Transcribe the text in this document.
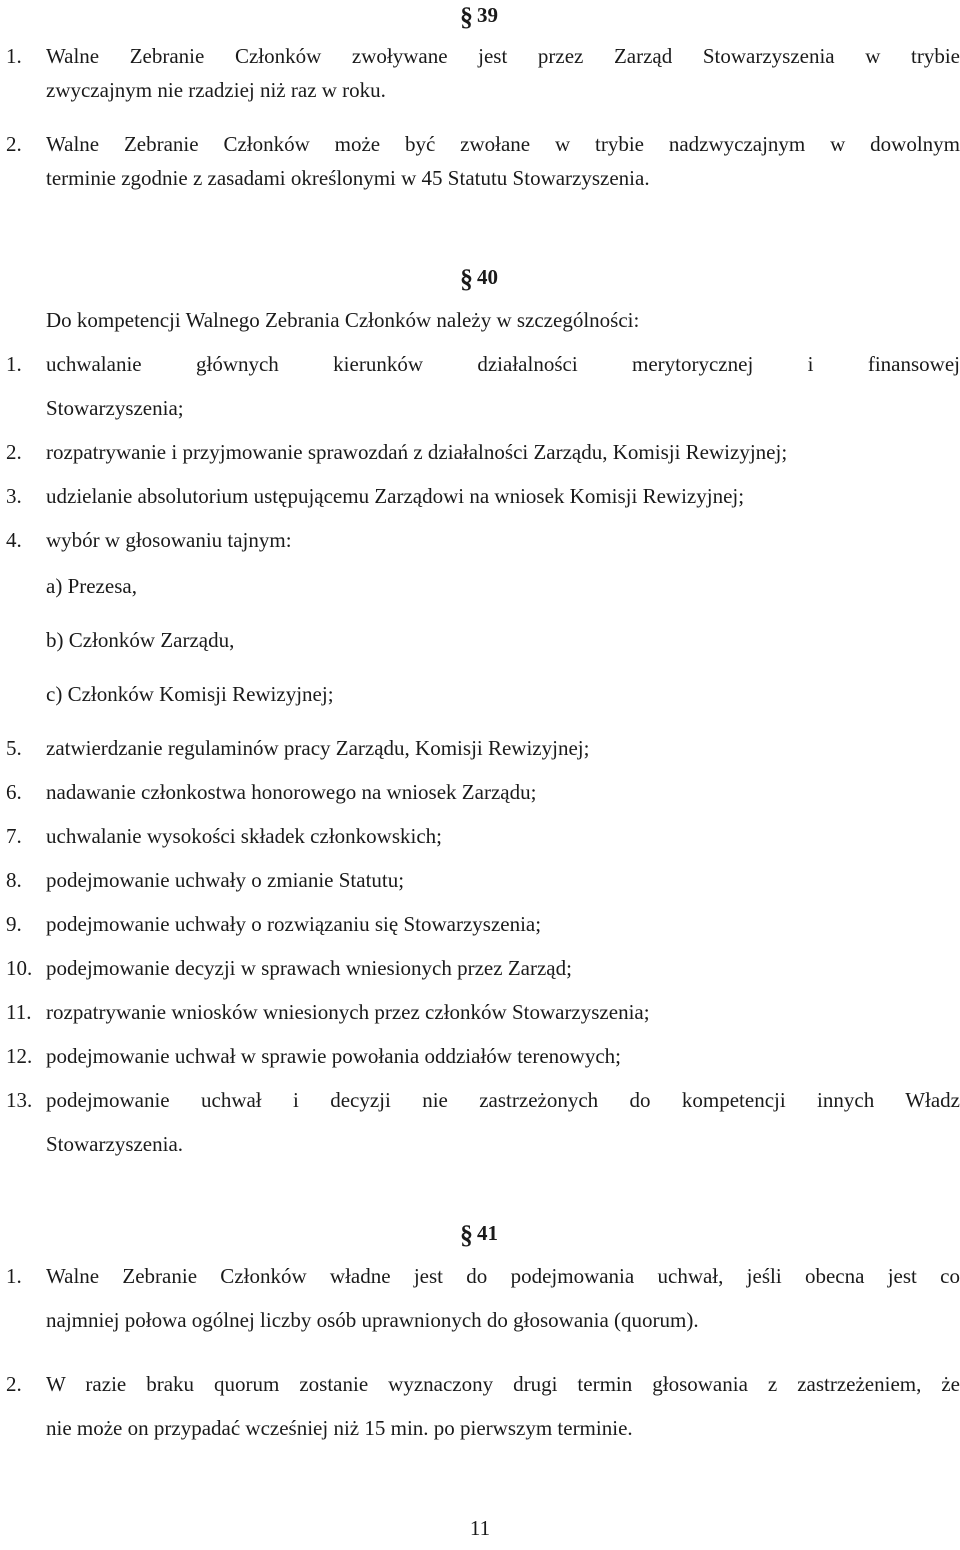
§ 39
1. Walne Zebranie Członków zwoływane jest przez Zarząd Stowarzyszenia w trybie
zwyczajnym nie rzadziej niż raz w roku.
2. Walne Zebranie Członków może być zwołane w trybie nadzwyczajnym w dowolnym
terminie zgodnie z zasadami określonymi w 45 Statutu Stowarzyszenia.
§ 40
Do kompetencji Walnego Zebrania Członków należy w szczególności:
1. uchwalanie głównych kierunków działalności merytorycznej i finansowej
Stowarzyszenia;
2. rozpatrywanie i przyjmowanie sprawozdań z działalności Zarządu, Komisji Rewizyjnej;
3. udzielanie absolutorium ustępującemu Zarządowi na wniosek Komisji Rewizyjnej;
4. wybór w głosowaniu tajnym:
a) Prezesa,
b) Członków Zarządu,
c) Członków Komisji Rewizyjnej;
5. zatwierdzanie regulaminów pracy Zarządu, Komisji Rewizyjnej;
6. nadawanie członkostwa honorowego na wniosek Zarządu;
7. uchwalanie wysokości składek członkowskich;
8. podejmowanie uchwały o zmianie Statutu;
9. podejmowanie uchwały o rozwiązaniu się Stowarzyszenia;
10. podejmowanie decyzji w sprawach wniesionych przez Zarząd;
11. rozpatrywanie wniosków wniesionych przez członków Stowarzyszenia;
12. podejmowanie uchwał w sprawie powołania oddziałów terenowych;
13. podejmowanie uchwał i decyzji nie zastrzeżonych do kompetencji innych Władz
Stowarzyszenia.
§ 41
1. Walne Zebranie Członków władne jest do podejmowania uchwał, jeśli obecna jest co
najmniej połowa ogólnej liczby osób uprawnionych do głosowania (quorum).
2. W razie braku quorum zostanie wyznaczony drugi termin głosowania z zastrzeżeniem, że
nie może on przypadać wcześniej niż 15 min. po pierwszym terminie.
11
